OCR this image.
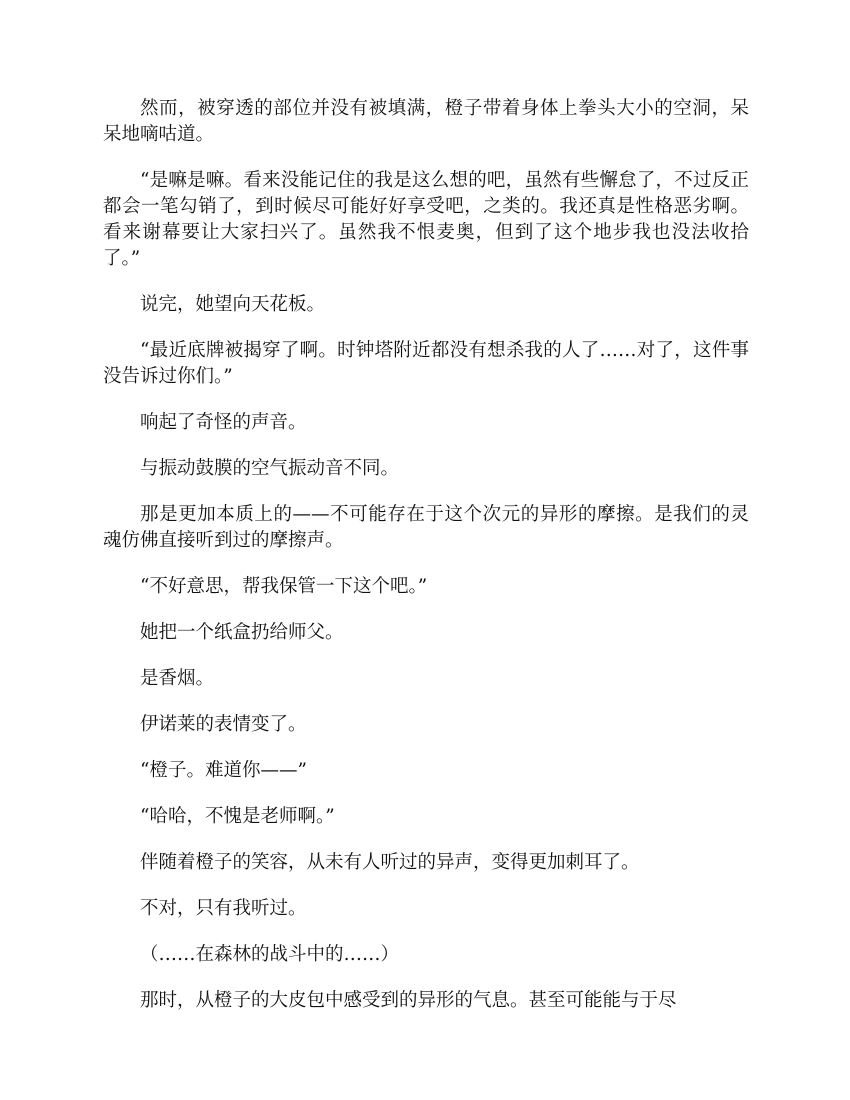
然而，被穿透的部位并没有被填满，橙子带着身体上拳头大小的空洞，呆呆地嘀咕道。

“是嘛是嘛。看来没能记住的我是这么想的吧，虽然有些懈怠了，不过反正都会一笔勾销了，到时候尽可能好好享受吧，之类的。我还真是性格恶劣啊。看来谢幕要让大家扫兴了。虽然我不恨麦奥，但到了这个地步我也没法收拾了。”

说完，她望向天花板。

“最近底牌被揭穿了啊。时钟塔附近都没有想杀我的人了……对了，这件事没告诉过你们。”

响起了奇怪的声音。

与振动鼓膜的空气振动音不同。

那是更加本质上的——不可能存在于这个次元的异形的摩擦。是我们的灵魂仿佛直接听到过的摩擦声。

“不好意思，帮我保管一下这个吧。”

她把一个纸盒扔给师父。

是香烟。

伊诺莱的表情变了。

“橙子。难道你——”

“哈哈，不愧是老师啊。”

伴随着橙子的笑容，从未有人听过的异声，变得更加刺耳了。

不对，只有我听过。

（……在森林的战斗中的……）

那时，从橙子的大皮包中感受到的异形的气息。甚至可能能与于尽
